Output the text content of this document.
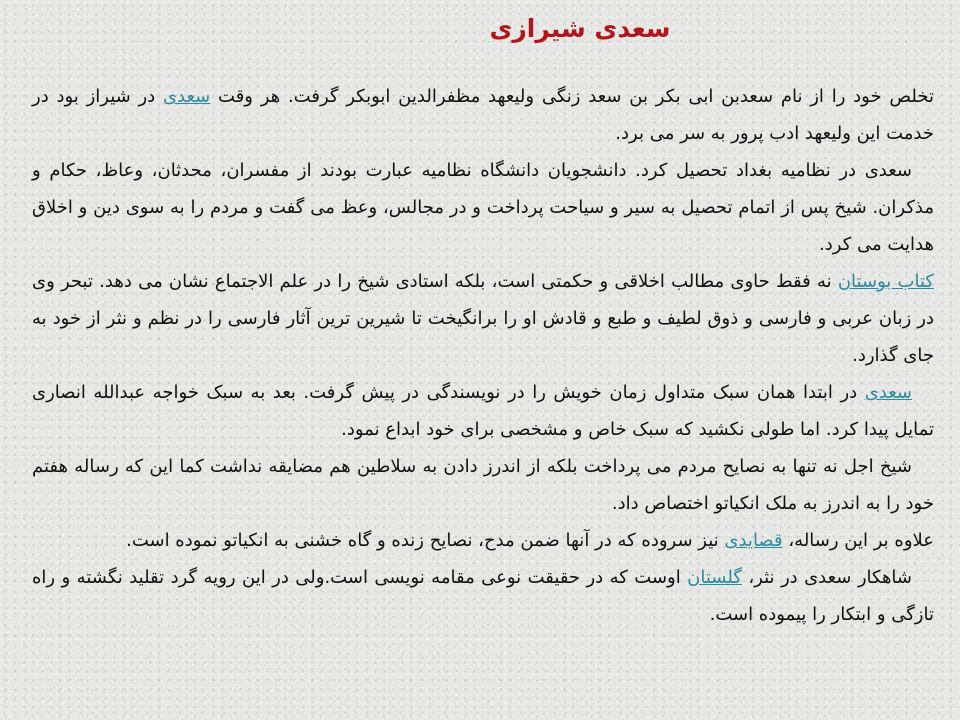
سعدی شیرازی

تخلص خود را از نام سعدبن ابی بکر بن سعد زنگی ولیعهد مظفرالدین ابوبکر گرفت. هر وقت سعدی در شیراز بود در خدمت این ولیعهد ادب پرور به سر می برد.

سعدی در نظامیه بغداد تحصیل کرد. دانشجویان دانشگاه نظامیه عبارت بودند از مفسران، محدثان، وعاظ، حکام و مذکران. شیخ پس از اتمام تحصیل به سیر و سیاحت پرداخت و در مجالس، وعظ می گفت و مردم را به سوی دین و اخلاق هدایت می کرد.

کتاب بوستان نه فقط حاوی مطالب اخلاقی و حکمتی است، بلکه استادی شیخ را در علم الاجتماع نشان می دهد. تبحر وی در زبان عربی و فارسی و ذوق لطیف و طبع و قادش او را برانگیخت تا شیرین ترین آثار فارسی را در نظم و نثر از خود به جای گذارد.

سعدی در ابتدا همان سبک متداول زمان خویش را در نویسندگی در پیش گرفت. بعد به سبک خواجه عبدالله انصاری تمایل پیدا کرد. اما طولی نکشید که سبک خاص و مشخصی برای خود ابداع نمود.

شیخ اجل نه تنها به نصایح مردم می پرداخت بلکه از اندرز دادن به سلاطین هم مضایقه نداشت کما این که رساله هفتم خود را به اندرز به ملک انکیاتو اختصاص داد.

علاوه بر این رساله، قصایدی نیز سروده که در آنها ضمن مدح، نصایح زنده و گاه خشنی به انکیاتو نموده است.

شاهکار سعدی در نثر، گلستان اوست که در حقیقت نوعی مقامه نویسی است.ولی در این رویه گرد تقلید نگشته و راه تازگی و ابتکار را پیموده است.
